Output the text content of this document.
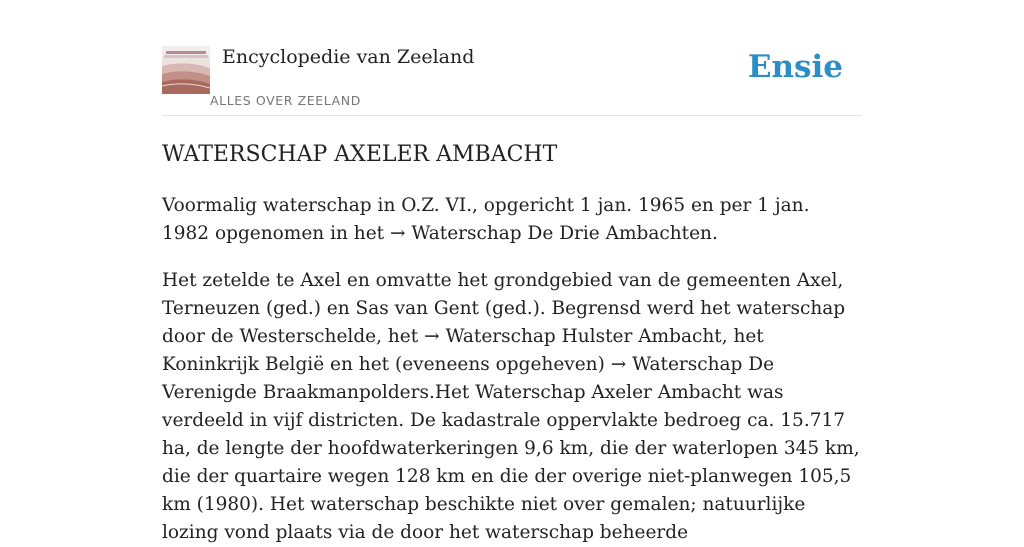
Encyclopedie van Zeeland
ALLES OVER ZEELAND
Ensie
WATERSCHAP AXELER AMBACHT

Voormalig waterschap in O.Z. VI., opgericht 1 jan. 1965 en per 1 jan. 1982 opgenomen in het → Waterschap De Drie Ambachten.

Het zetelde te Axel en omvatte het grondgebied van de gemeenten Axel, Terneuzen (ged.) en Sas van Gent (ged.). Begrensd werd het waterschap door de Westerschelde, het → Waterschap Hulster Ambacht, het Koninkrijk België en het (eveneens opgeheven) → Waterschap De Verenigde Braakmanpolders.Het Waterschap Axeler Ambacht was verdeeld in vijf districten. De kadastrale oppervlakte bedroeg ca. 15.717 ha, de lengte der hoofdwaterkeringen 9,6 km, die der waterlopen 345 km, die der quartaire wegen 128 km en die der overige niet-planwegen 105,5 km (1980). Het waterschap beschikte niet over gemalen; natuurlijke lozing vond plaats via de door het waterschap beheerde
